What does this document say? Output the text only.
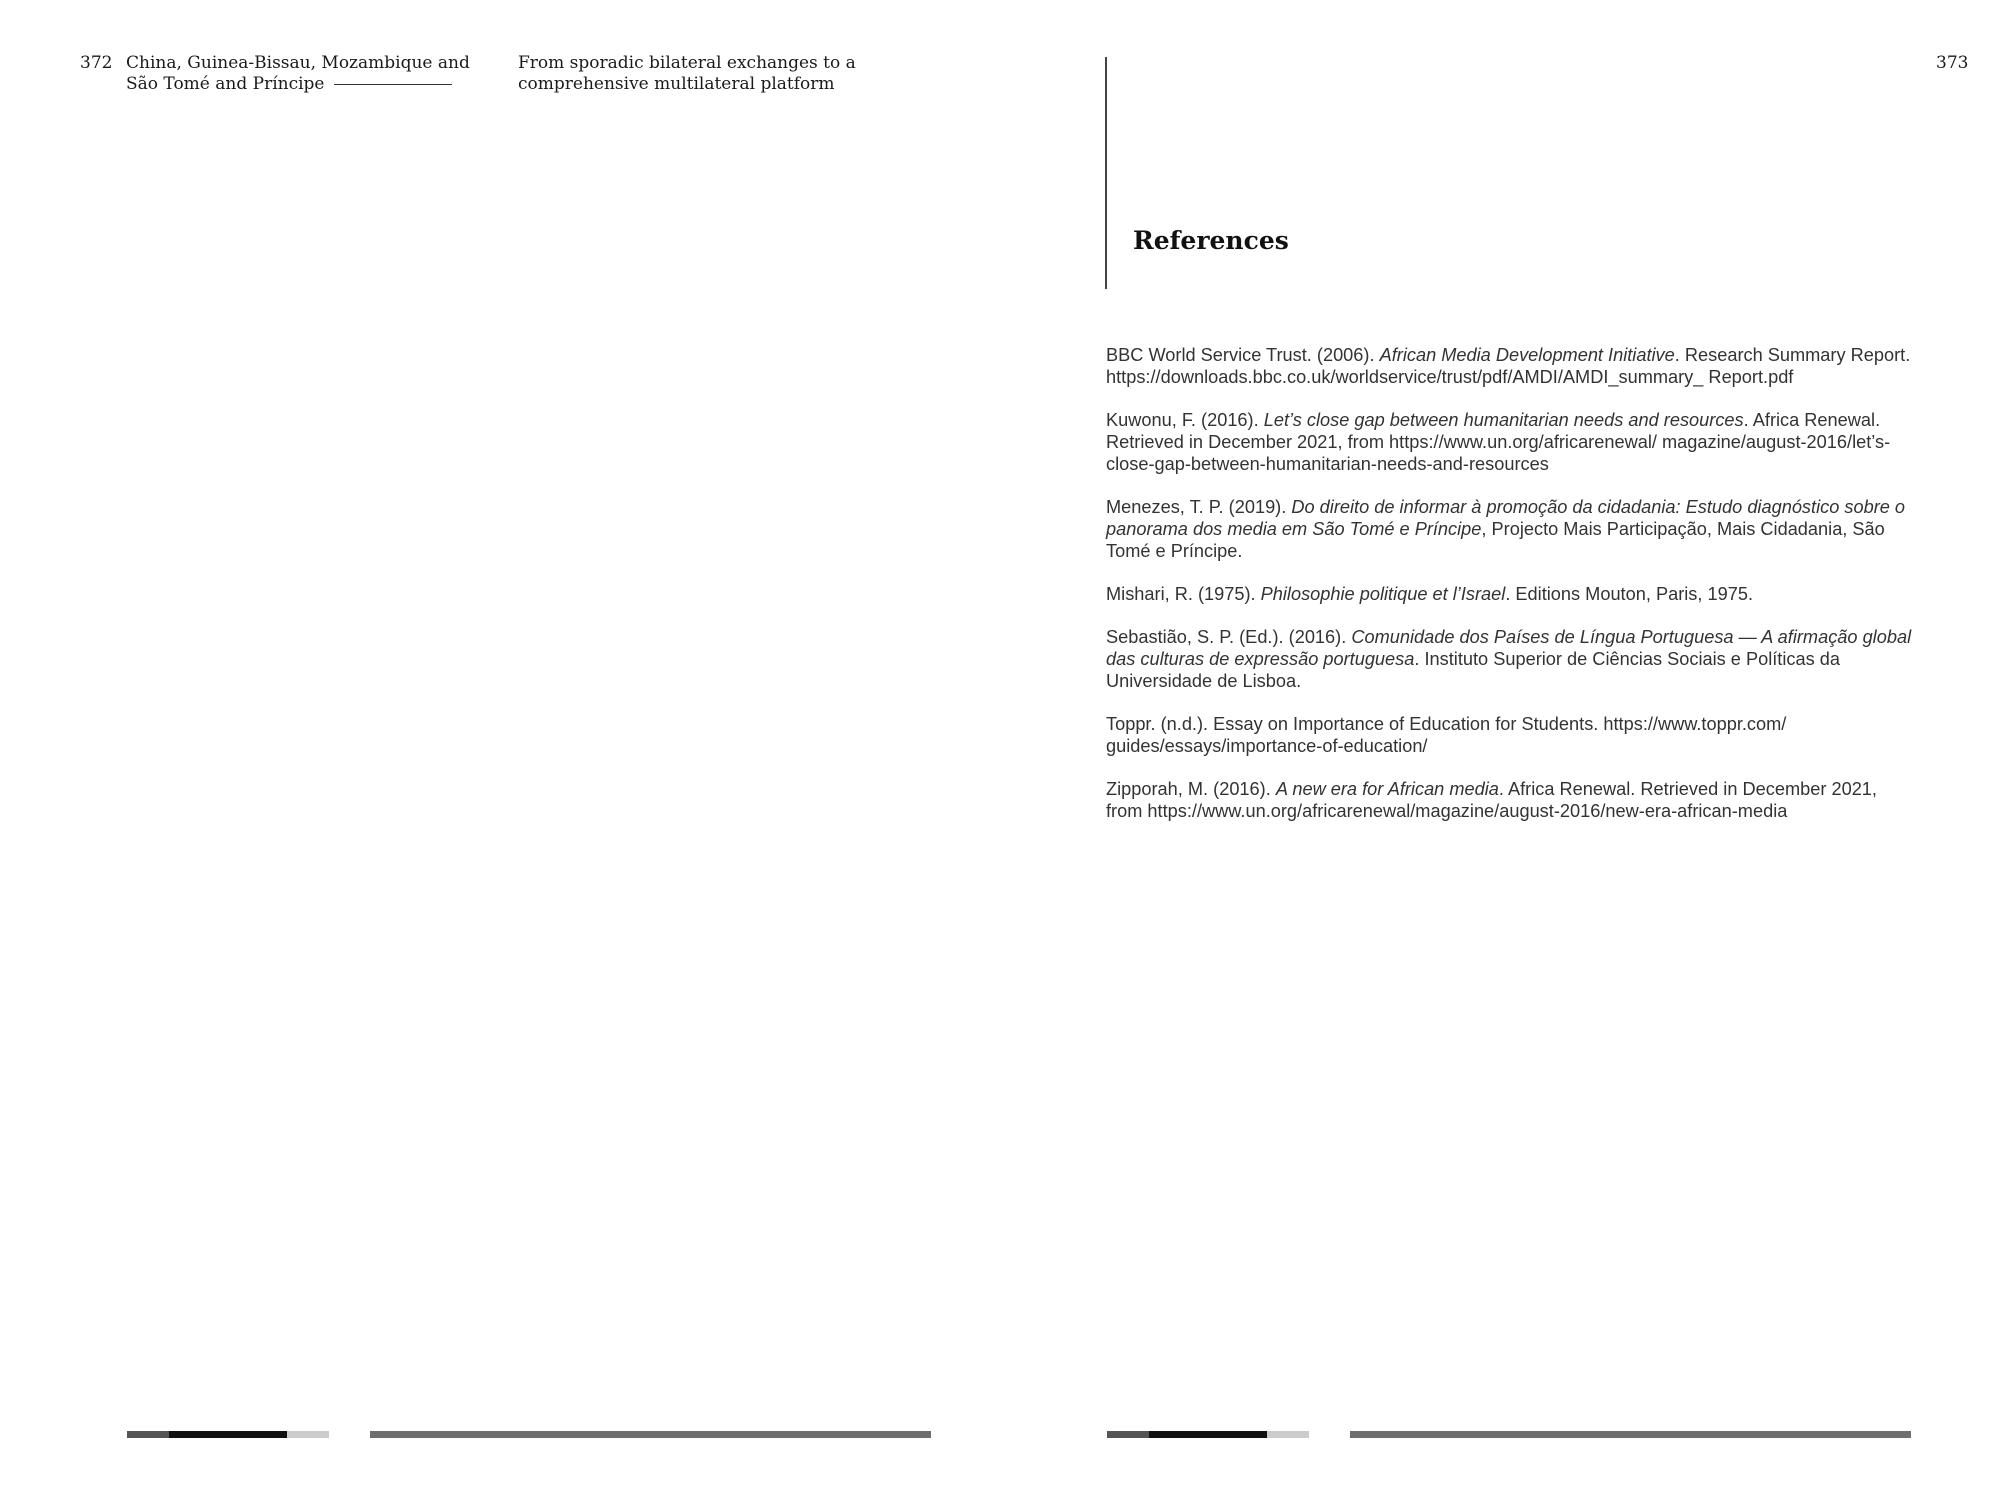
372 China, Guinea-Bissau, Mozambique and
São Tomé and Príncipe
From sporadic bilateral exchanges to a
comprehensive multilateral platform
373
References
BBC World Service Trust. (2006). African Media Development Initiative. Research Summary Report. https://downloads.bbc.co.uk/worldservice/trust/pdf/AMDI/AMDI_summary_ Report.pdf
Kuwonu, F. (2016). Let’s close gap between humanitarian needs and resources. Africa Renewal. Retrieved in December 2021, from https://www.un.org/africarenewal/ magazine/august-2016/let’s-close-gap-between-humanitarian-needs-and-resources
Menezes, T. P. (2019). Do direito de informar à promoção da cidadania: Estudo diagnóstico sobre o panorama dos media em São Tomé e Príncipe, Projecto Mais Participação, Mais Cidadania, São Tomé e Príncipe.
Mishari, R. (1975). Philosophie politique et l’Israel. Editions Mouton, Paris, 1975.
Sebastião, S. P. (Ed.). (2016). Comunidade dos Países de Língua Portuguesa — A afirmação global das culturas de expressão portuguesa. Instituto Superior de Ciências Sociais e Políticas da Universidade de Lisboa.
Toppr. (n.d.). Essay on Importance of Education for Students. https://www.toppr.com/ guides/essays/importance-of-education/
Zipporah, M. (2016). A new era for African media. Africa Renewal. Retrieved in December 2021, from https://www.un.org/africarenewal/magazine/august-2016/new-era-african-media
